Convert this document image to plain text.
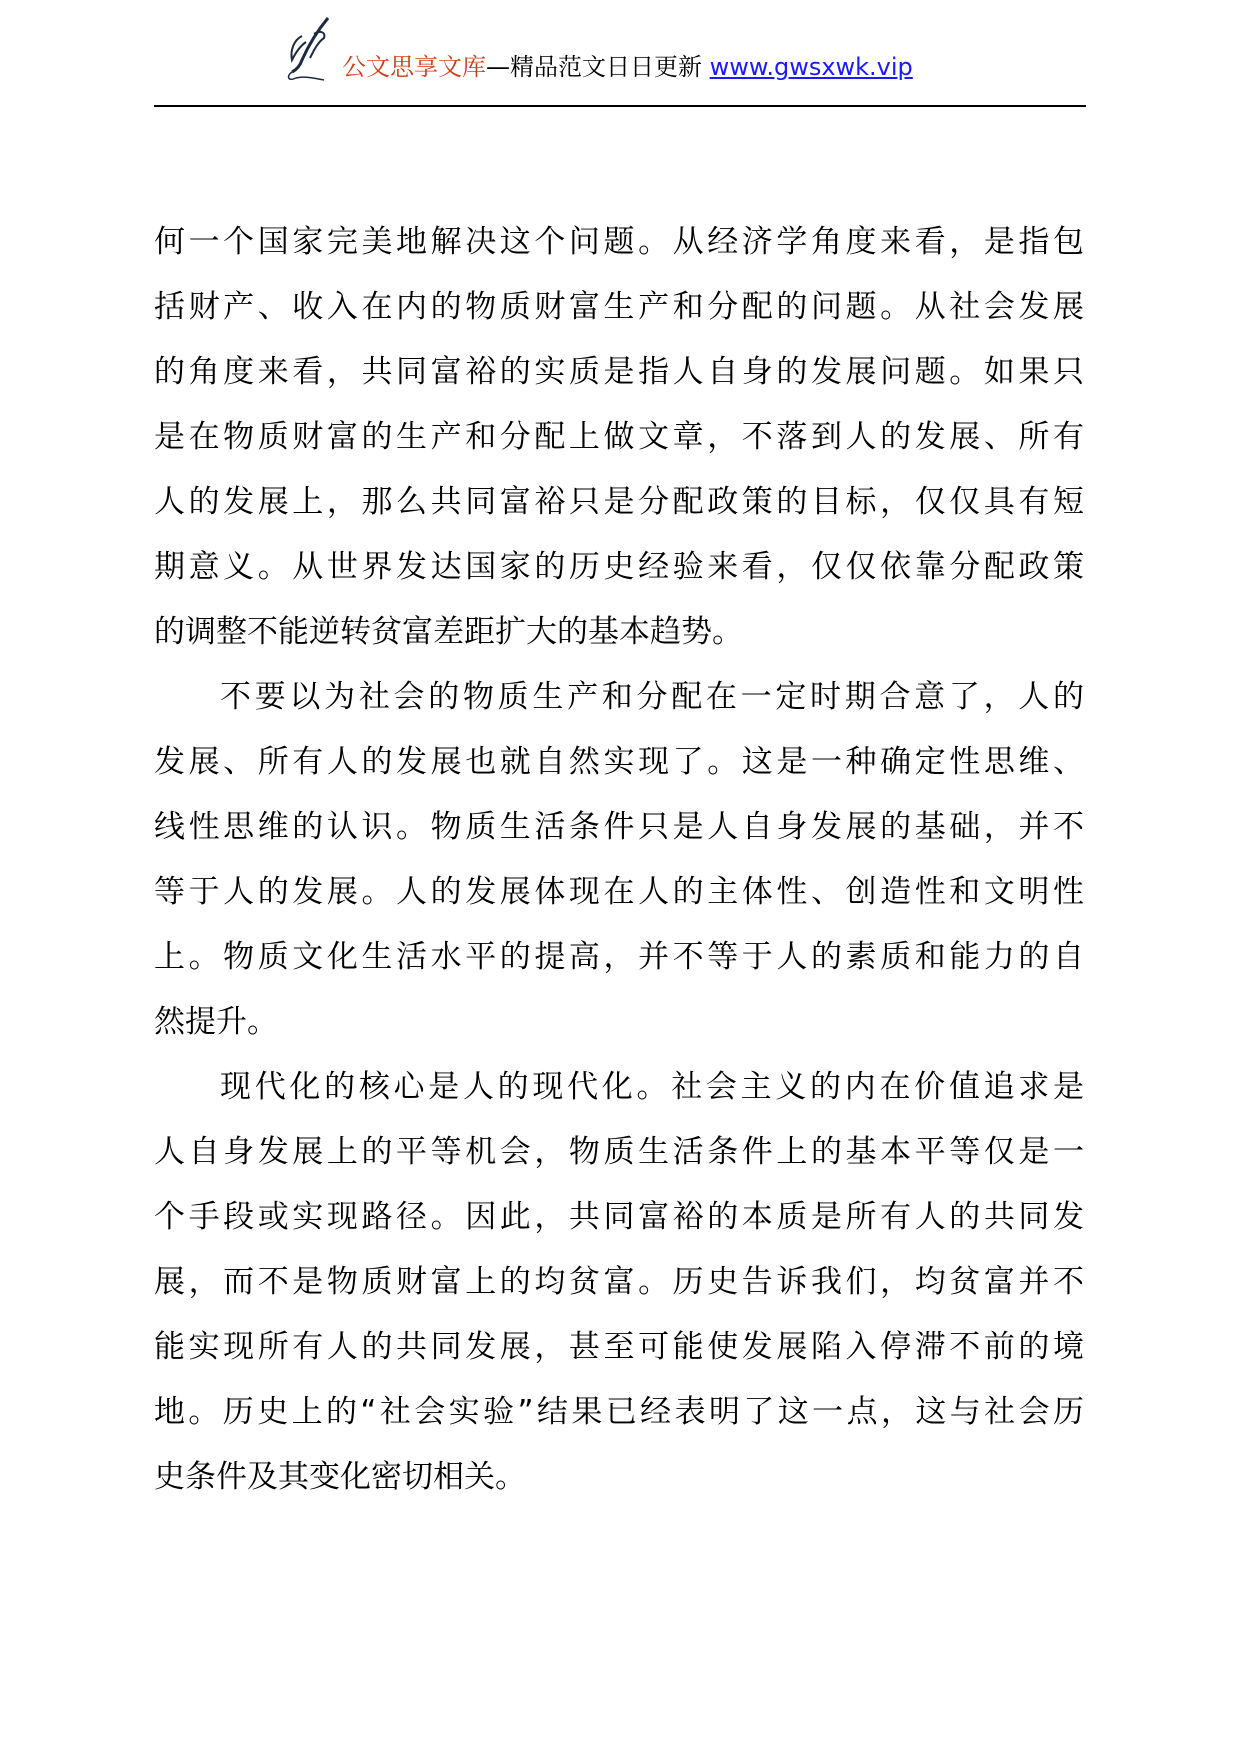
公文思享文库—精品范文日日更新 www.gwsxwk.vip
何一个国家完美地解决这个问题。从经济学角度来看，是指包
括财产、收入在内的物质财富生产和分配的问题。从社会发展
的角度来看，共同富裕的实质是指人自身的发展问题。如果只
是在物质财富的生产和分配上做文章，不落到人的发展、所有
人的发展上，那么共同富裕只是分配政策的目标，仅仅具有短
期意义。从世界发达国家的历史经验来看，仅仅依靠分配政策
的调整不能逆转贫富差距扩大的基本趋势。
不要以为社会的物质生产和分配在一定时期合意了，人的
发展、所有人的发展也就自然实现了。这是一种确定性思维、
线性思维的认识。物质生活条件只是人自身发展的基础，并不
等于人的发展。人的发展体现在人的主体性、创造性和文明性
上。物质文化生活水平的提高，并不等于人的素质和能力的自
然提升。
现代化的核心是人的现代化。社会主义的内在价值追求是
人自身发展上的平等机会，物质生活条件上的基本平等仅是一
个手段或实现路径。因此，共同富裕的本质是所有人的共同发
展，而不是物质财富上的均贫富。历史告诉我们，均贫富并不
能实现所有人的共同发展，甚至可能使发展陷入停滞不前的境
地。历史上的“社会实验”结果已经表明了这一点，这与社会历
史条件及其变化密切相关。
